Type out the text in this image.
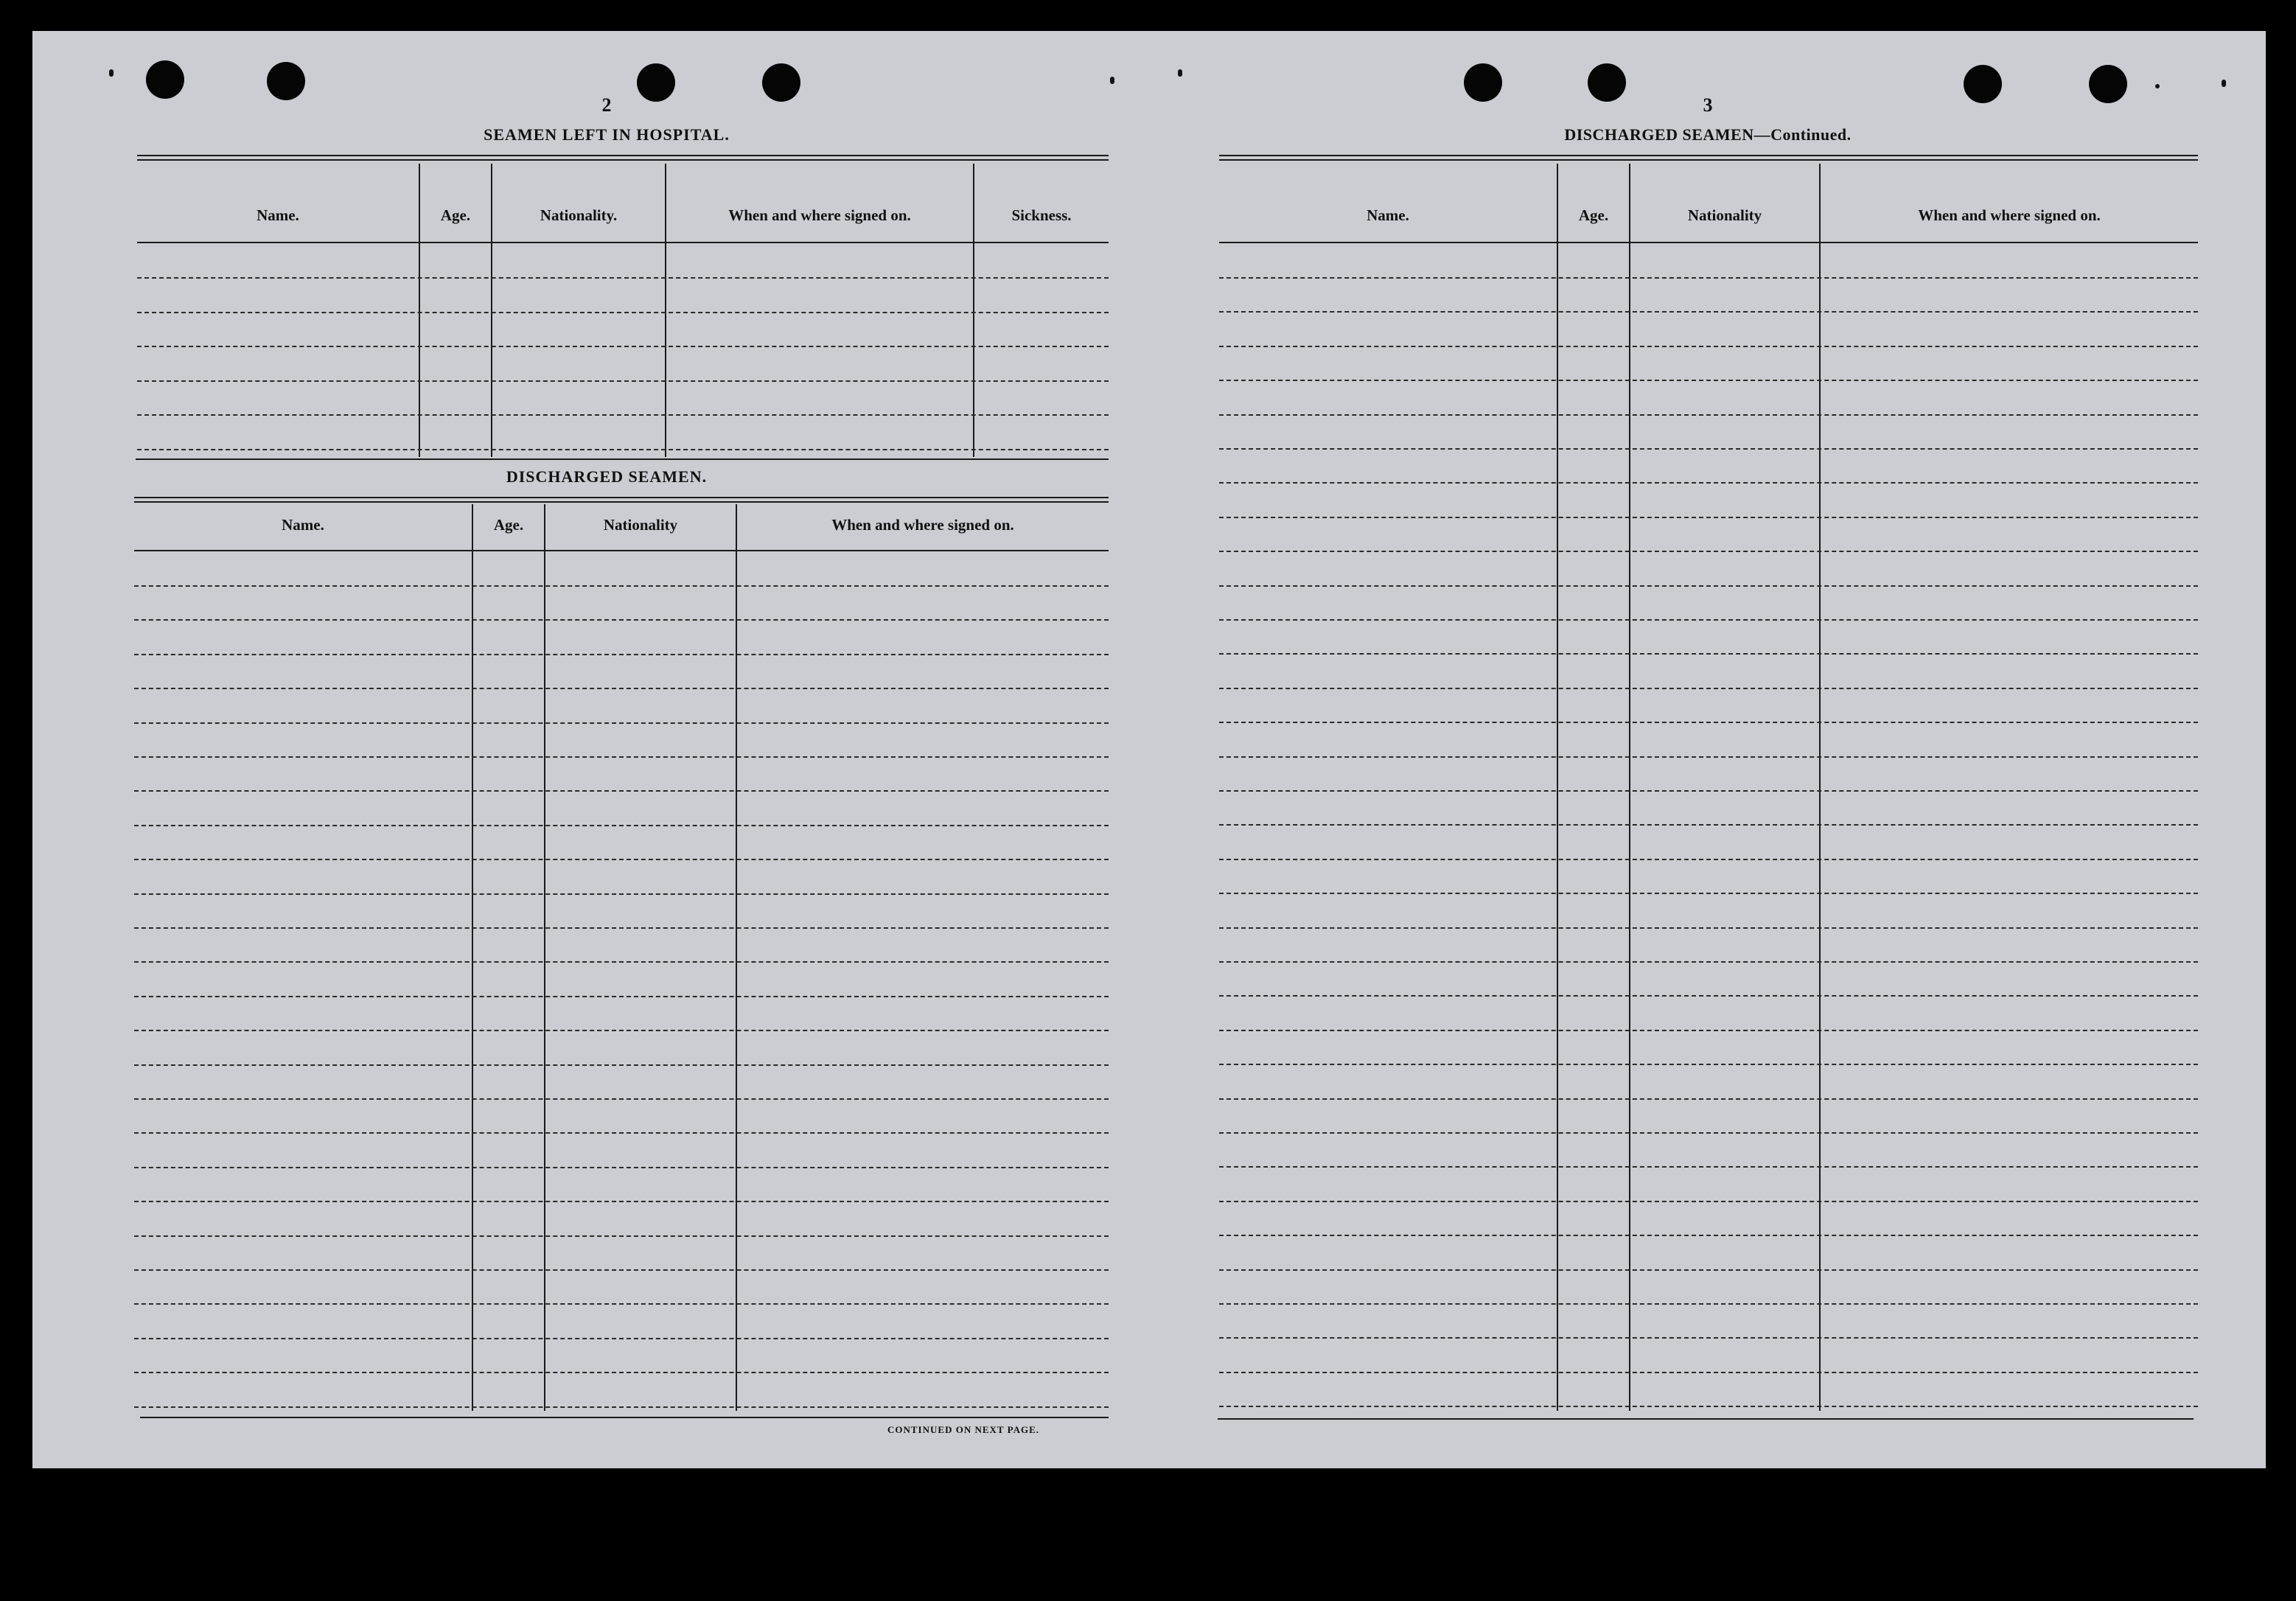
2

SEAMEN LEFT IN HOSPITAL.

Name.	Age.	Nationality.	When and where signed on.	Sickness.

DISCHARGED SEAMEN.

Name.	Age.	Nationality	When and where signed on.

CONTINUED ON NEXT PAGE.

3

DISCHARGED SEAMEN—Continued.

Name.	Age.	Nationality	When and where signed on.
